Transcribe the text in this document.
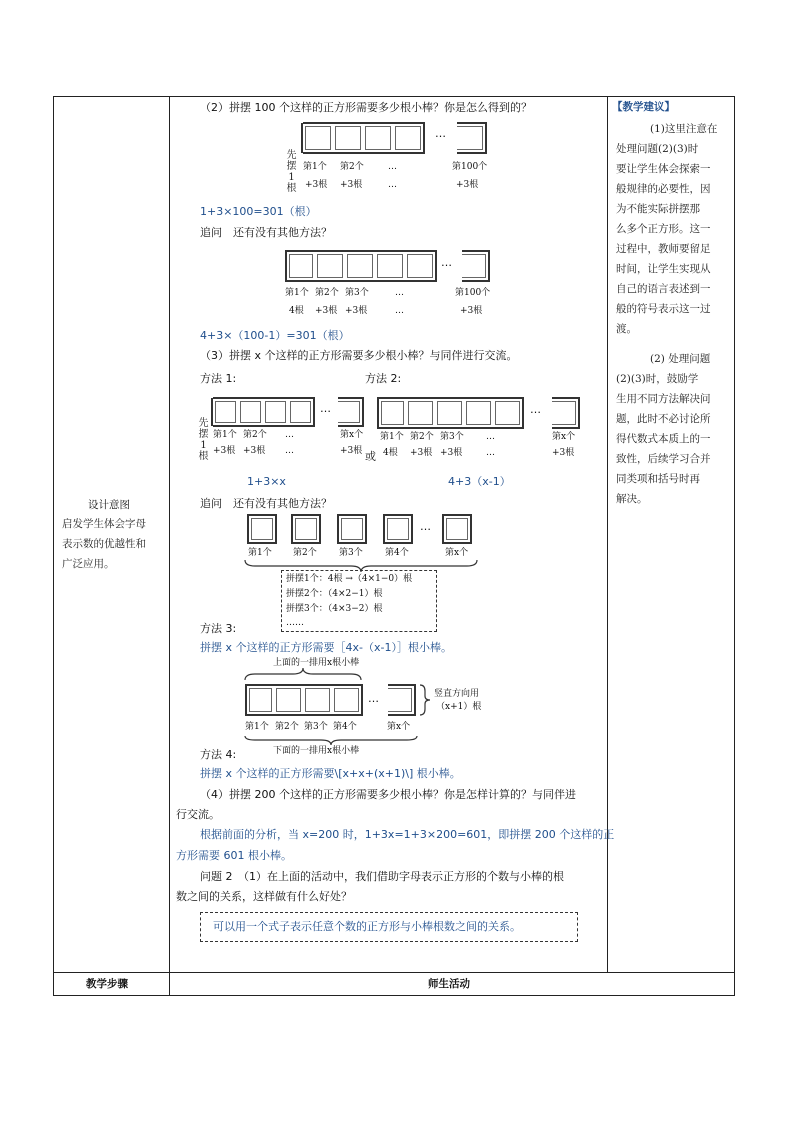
设计意图
启发学生体会字母
表示数的优越性和
广泛应用。
【教学建议】
(1)这里注意在
处理问题(2)(3)时
要让学生体会探索一
般规律的必要性，因
为不能实际拼摆那
么多个正方形。这一
过程中，教师要留足
时间，让学生实现从
自己的语言表述到一
般的符号表示这一过
渡。
(2) 处理问题
(2)(3)时，鼓励学
生用不同方法解决问
题，此时不必讨论所
得代数式本质上的一
致性，后续学习合并
同类项和括号时再
解决。
（2）拼摆 100 个这样的正方形需要多少根小棒？你是怎么得到的？
先摆1根
…
第1个 第2个	…	第100个
+3根 +3根	…	+3根
1+3×100=301（根）
追问　还有没有其他方法？
…
第1个 第2个 第3个	…	第100个
4根 +3根 +3根	…	+3根
4+3×（100-1）=301（根）
（3）拼摆 x 个这样的正方形需要多少根小棒？与同伴进行交流。
方法 1:	方法 2:
先摆1根
…
第1个 第2个 …	第x个
+3根 +3根 …	+3根 或
…
第1个 第2个 第3个 …	第x个
4根 +3根 +3根	…	+3根
1+3×x	4+3（x-1）
追问　还有没有其他方法？
…
第1个 第2个 第3个 第4个	第x个
拼摆1个：4根 →（4×1−0）根
拼摆2个：（4×2−1）根
拼摆3个：（4×3−2）根
……
方法 3:
拼摆 x 个这样的正方形需要［4x-（x-1）］根小棒。
上面的一排用x根小棒
…	竖直方向用
（x+1）根
第1个 第2个 第3个 第4个	第x个
下面的一排用x根小棒
方法 4:
拼摆 x 个这样的正方形需要\[x+x+(x+1)\] 根小棒。
（4）拼摆 200 个这样的正方形需要多少根小棒？你是怎样计算的？与同伴进
行交流。
根据前面的分析，当 x=200 时，1+3x=1+3×200=601，即拼摆 200 个这样的正
方形需要 601 根小棒。
问题 2　（1）在上面的活动中，我们借助字母表示正方形的个数与小棒的根
数之间的关系，这样做有什么好处？
可以用一个式子表示任意个数的正方形与小棒根数之间的关系。
教学步骤	师生活动
